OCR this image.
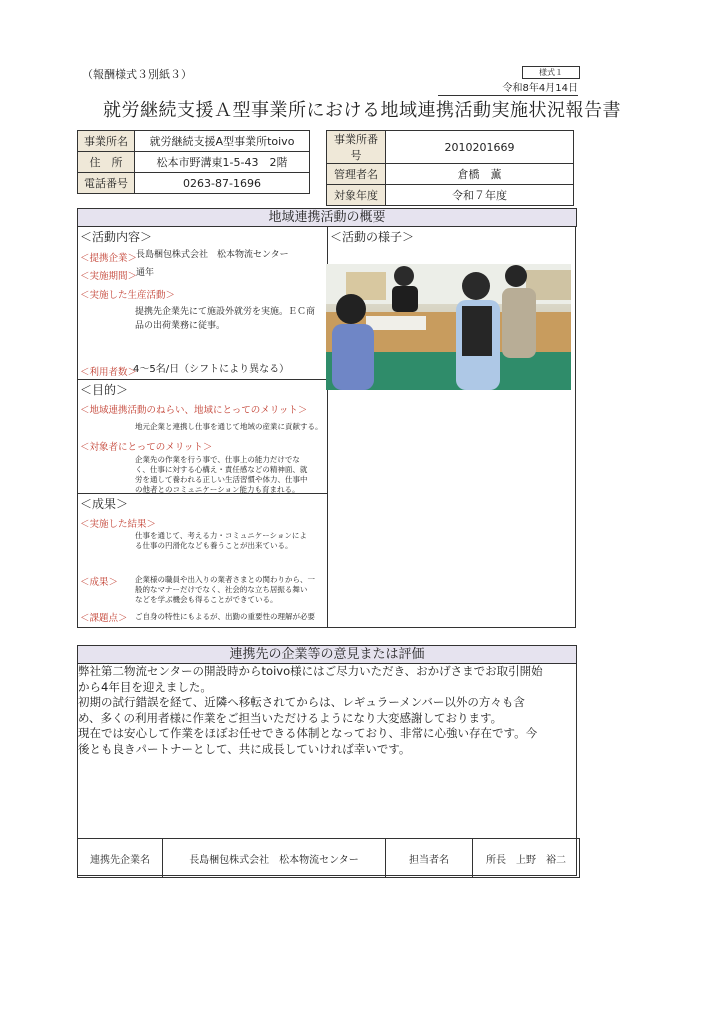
（報酬様式３別紙３）	様式１
令和8年4月14日
就労継続支援Ａ型事業所における地域連携活動実施状況報告書
事業所名	就労継続支援A型事業所toivo
住　所	松本市野溝東1-5-43　2階
電話番号	0263-87-1696
事業所番号	2010201669
管理者名	倉橋　薫
対象年度	令和７年度
地域連携活動の概要
＜活動内容＞	＜活動の様子＞
＜提携企業＞
長島梱包株式会社　松本物流センター
＜実施期間＞
通年
＜実施した生産活動＞
提携先企業先にて施設外就労を実施。ＥＣ商
品の出荷業務に従事。
＜利用者数＞
4～5名/日（シフトにより異なる）
＜目的＞
＜地域連携活動のねらい、地域にとってのメリット＞
地元企業と連携し仕事を通じて地域の産業に貢献する。
＜対象者にとってのメリット＞
企業先の作業を行う事で、仕事上の能力だけでな
く、仕事に対する心構え・責任感などの精神面、就
労を通して養われる正しい生活習慣や体力、仕事中
の他者とのコミュニケーション能力も育まれる。
＜成果＞
＜実施した結果＞
仕事を通じて、考える力・コミュニケーションによ
る仕事の円滑化なども養うことが出来ている。
＜成果＞ 企業様の職員や出入りの業者さまとの関わりから、一
般的なマナーだけでなく、社会的な立ち居振る舞い
などを学ぶ機会も得ることができている。
＜課題点＞ ご自身の特性にもよるが、出勤の重要性の理解が必要
連携先の企業等の意見または評価
弊社第二物流センターの開設時からtoivo様にはご尽力いただき、おかげさまでお取引開始
から4年目を迎えました。
初期の試行錯誤を経て、近隣へ移転されてからは、レギュラーメンバー以外の方々も含
め、多くの利用者様に作業をご担当いただけるようになり大変感謝しております。
現在では安心して作業をほぼお任せできる体制となっており、非常に心強い存在です。今
後とも良きパートナーとして、共に成長していければ幸いです。
連携先企業名	長島梱包株式会社　松本物流センター	担当者名	所長　上野　裕二
